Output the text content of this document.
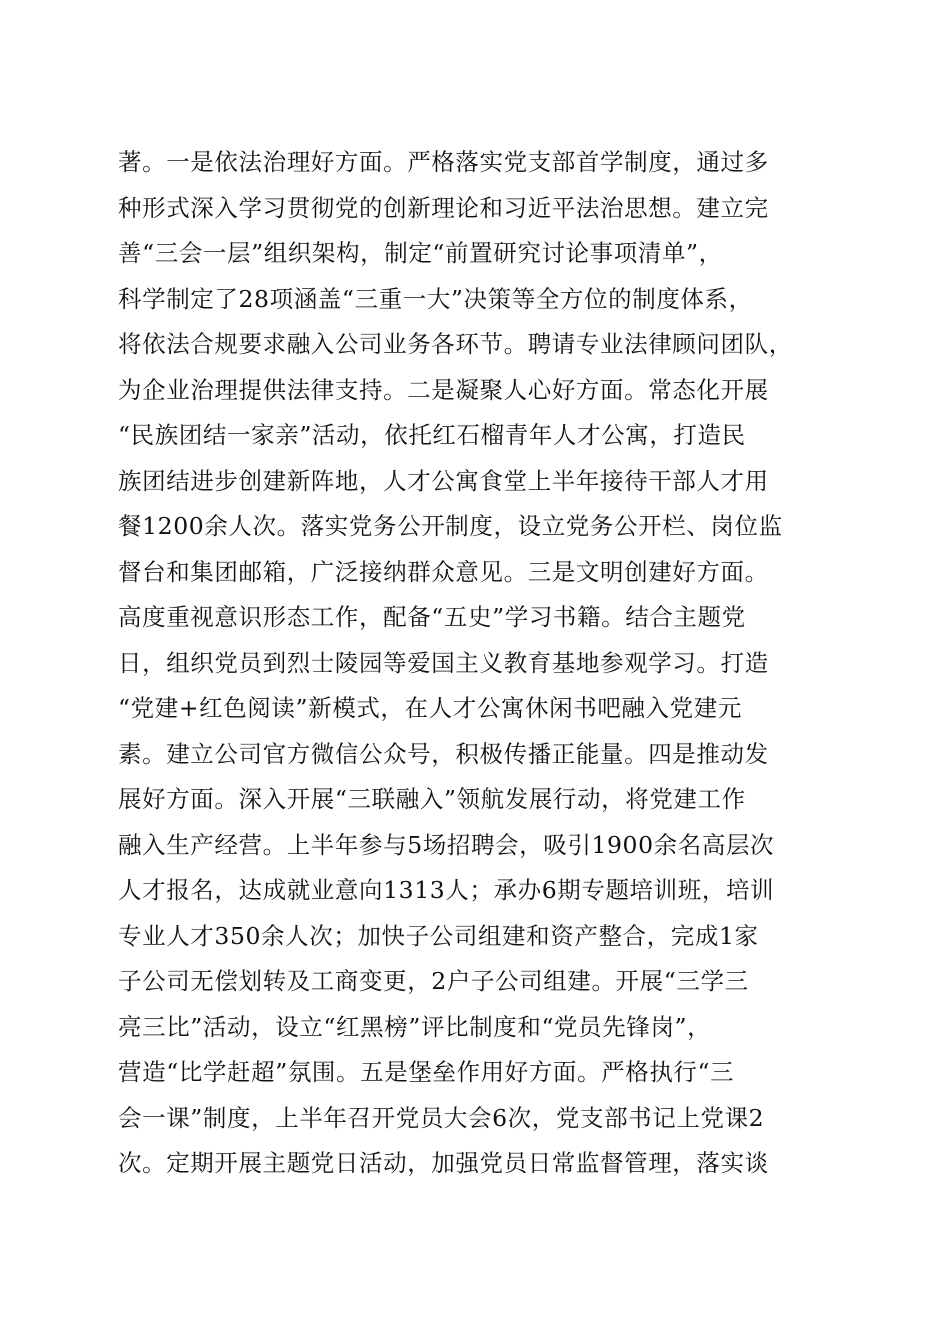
著。一是依法治理好方面。严格落实党支部首学制度，通过多
种形式深入学习贯彻党的创新理论和习近平法治思想。建立完
善“三会一层”组织架构，制定“前置研究讨论事项清单”，
科学制定了28项涵盖“三重一大”决策等全方位的制度体系，
将依法合规要求融入公司业务各环节。聘请专业法律顾问团队，
为企业治理提供法律支持。二是凝聚人心好方面。常态化开展
“民族团结一家亲”活动，依托红石榴青年人才公寓，打造民
族团结进步创建新阵地，人才公寓食堂上半年接待干部人才用
餐1200余人次。落实党务公开制度，设立党务公开栏、岗位监
督台和集团邮箱，广泛接纳群众意见。三是文明创建好方面。
高度重视意识形态工作，配备“五史”学习书籍。结合主题党
日，组织党员到烈士陵园等爱国主义教育基地参观学习。打造
“党建+红色阅读”新模式，在人才公寓休闲书吧融入党建元
素。建立公司官方微信公众号，积极传播正能量。四是推动发
展好方面。深入开展“三联融入”领航发展行动，将党建工作
融入生产经营。上半年参与5场招聘会，吸引1900余名高层次
人才报名，达成就业意向1313人；承办6期专题培训班，培训
专业人才350余人次；加快子公司组建和资产整合，完成1家
子公司无偿划转及工商变更，2户子公司组建。开展“三学三
亮三比”活动，设立“红黑榜”评比制度和“党员先锋岗”，
营造“比学赶超”氛围。五是堡垒作用好方面。严格执行“三
会一课”制度，上半年召开党员大会6次，党支部书记上党课2
次。定期开展主题党日活动，加强党员日常监督管理，落实谈
